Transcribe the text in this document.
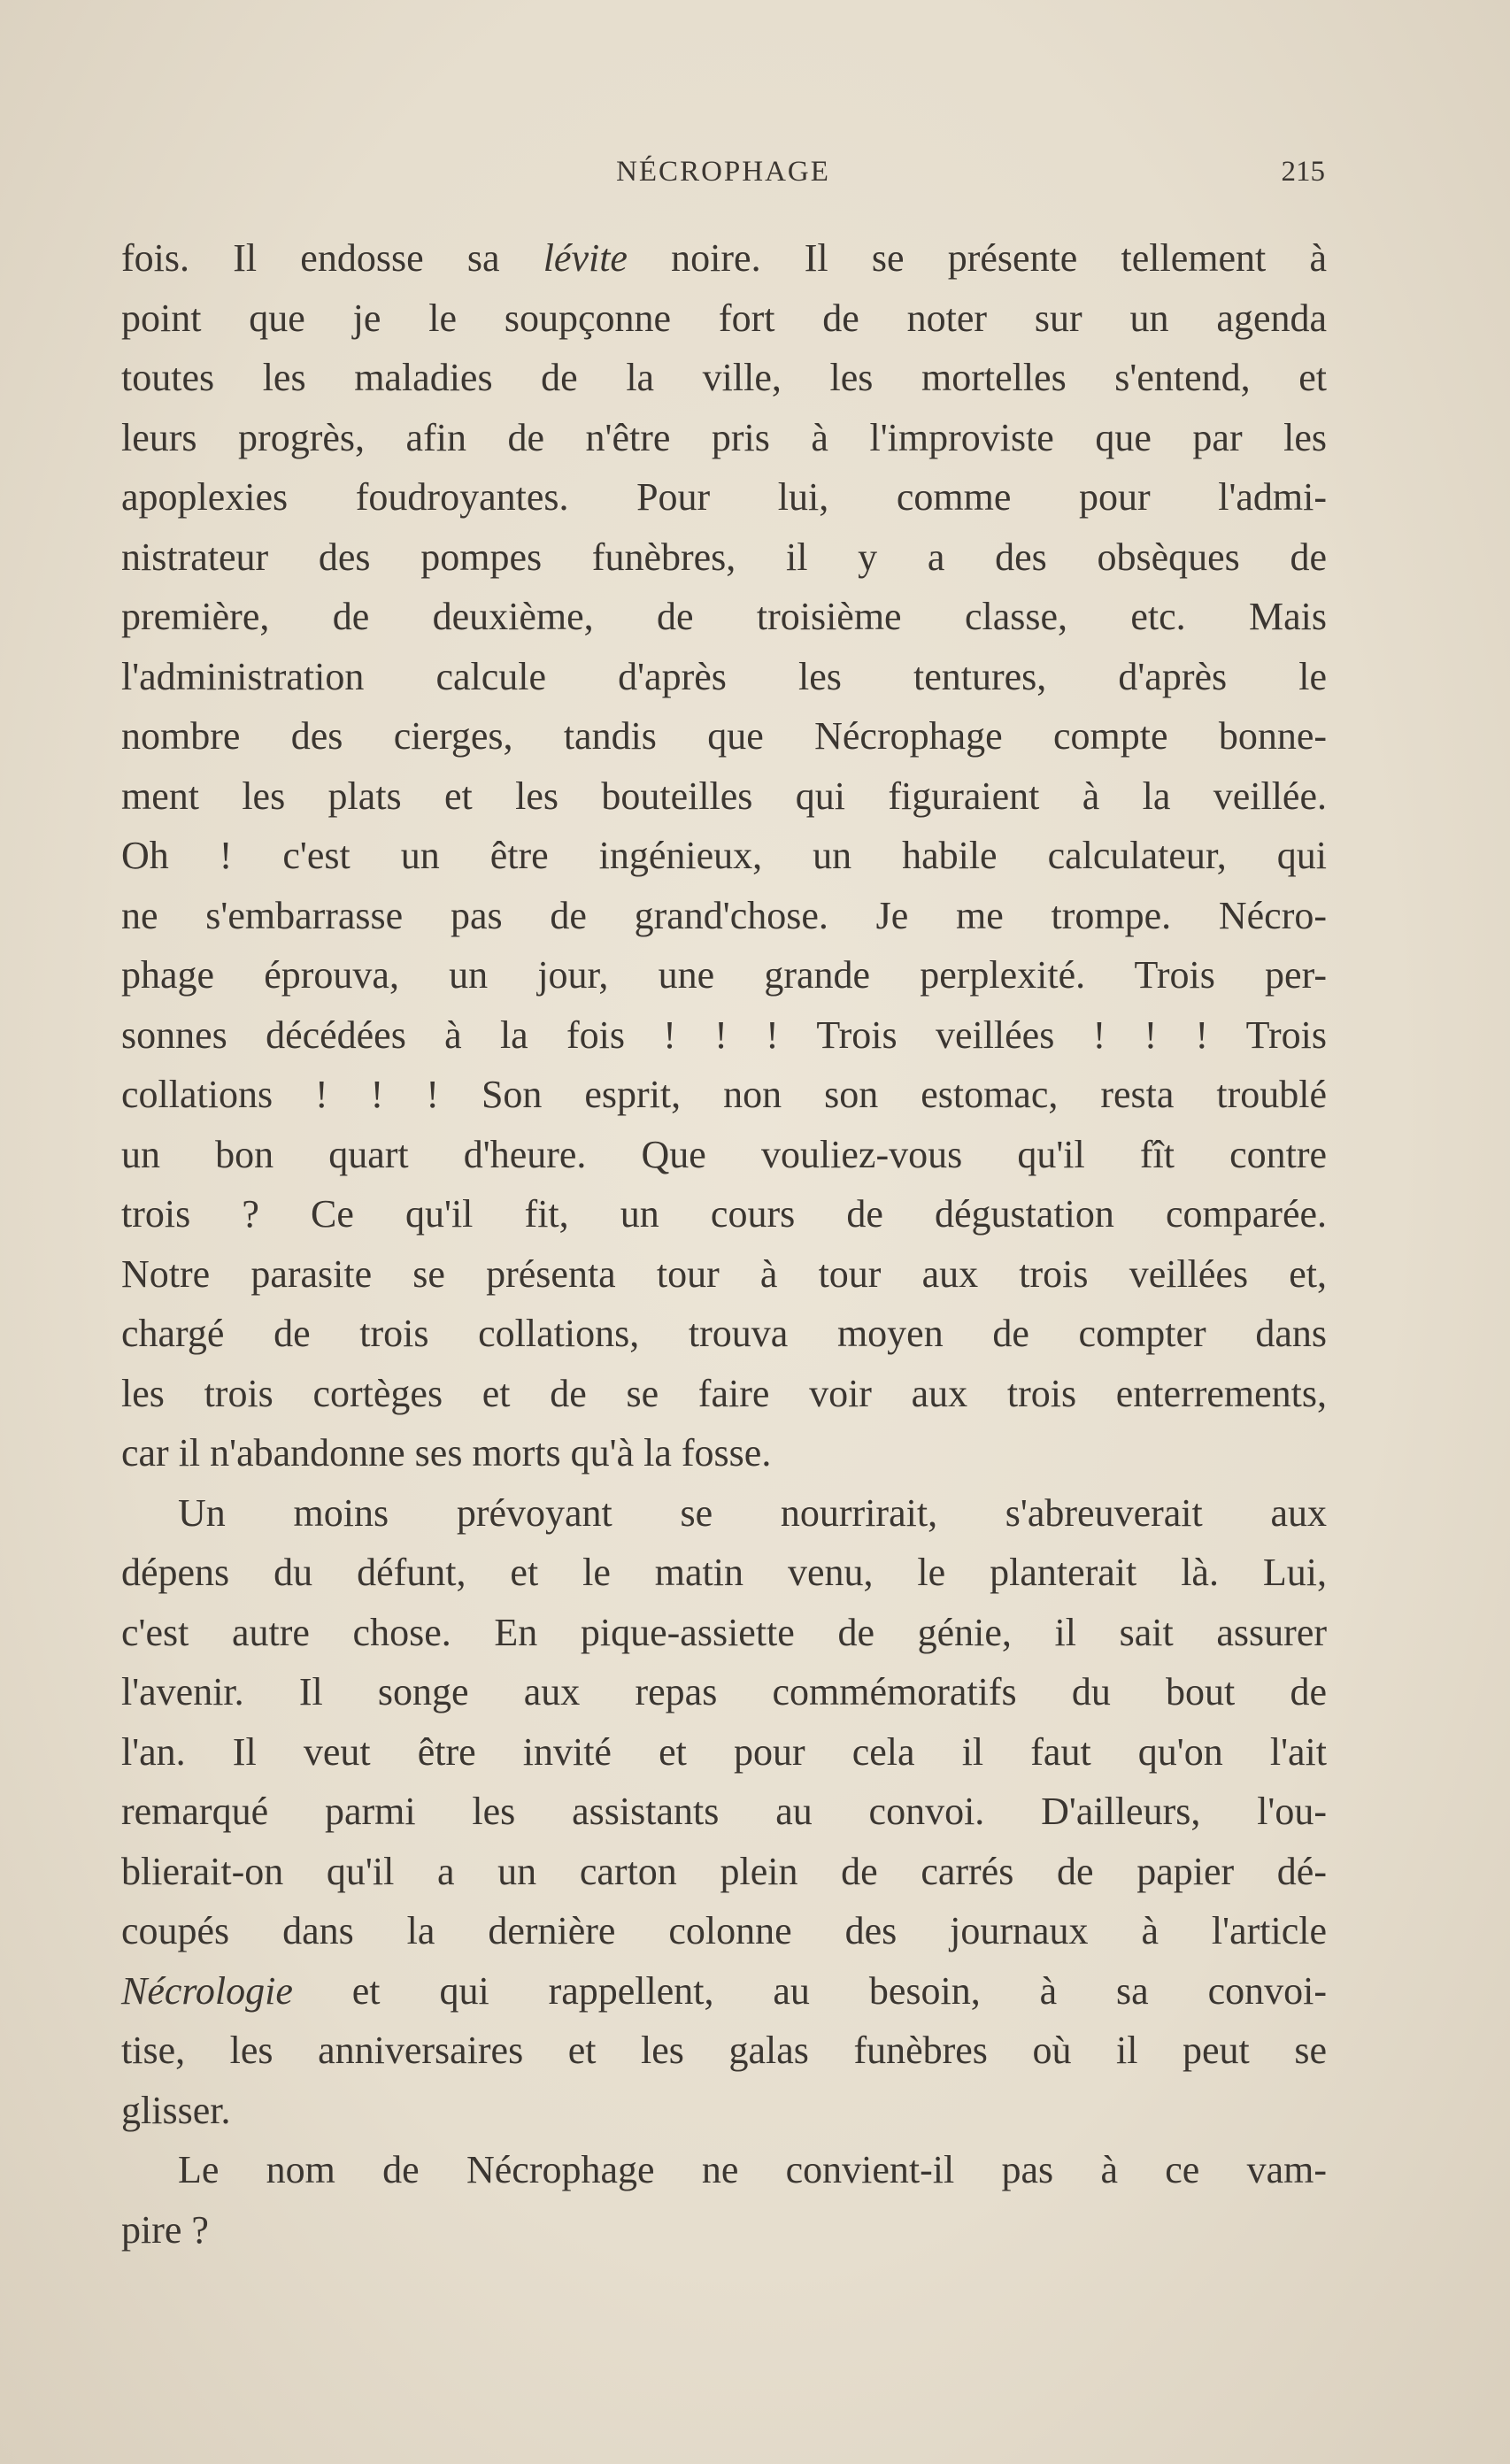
NÉCROPHAGE	215
fois. Il endosse sa lévite noire. Il se présente tellement à
point que je le soupçonne fort de noter sur un agenda
toutes les maladies de la ville, les mortelles s'entend, et
leurs progrès, afin de n'être pris à l'improviste que par les
apoplexies foudroyantes. Pour lui, comme pour l'admi-
nistrateur des pompes funèbres, il y a des obsèques de
première, de deuxième, de troisième classe, etc. Mais
l'administration calcule d'après les tentures, d'après le
nombre des cierges, tandis que Nécrophage compte bonne-
ment les plats et les bouteilles qui figuraient à la veillée.
Oh ! c'est un être ingénieux, un habile calculateur, qui
ne s'embarrasse pas de grand'chose. Je me trompe. Nécro-
phage éprouva, un jour, une grande perplexité. Trois per-
sonnes décédées à la fois ! ! ! Trois veillées ! ! ! Trois
collations ! ! ! Son esprit, non son estomac, resta troublé
un bon quart d'heure. Que vouliez-vous qu'il fît contre
trois ? Ce qu'il fit, un cours de dégustation comparée.
Notre parasite se présenta tour à tour aux trois veillées et,
chargé de trois collations, trouva moyen de compter dans
les trois cortèges et de se faire voir aux trois enterrements,
car il n'abandonne ses morts qu'à la fosse.
Un moins prévoyant se nourrirait, s'abreuverait aux
dépens du défunt, et le matin venu, le planterait là. Lui,
c'est autre chose. En pique-assiette de génie, il sait assurer
l'avenir. Il songe aux repas commémoratifs du bout de
l'an. Il veut être invité et pour cela il faut qu'on l'ait
remarqué parmi les assistants au convoi. D'ailleurs, l'ou-
blierait-on qu'il a un carton plein de carrés de papier dé-
coupés dans la dernière colonne des journaux à l'article
Nécrologie et qui rappellent, au besoin, à sa convoi-
tise, les anniversaires et les galas funèbres où il peut se
glisser.
Le nom de Nécrophage ne convient-il pas à ce vam-
pire ?
